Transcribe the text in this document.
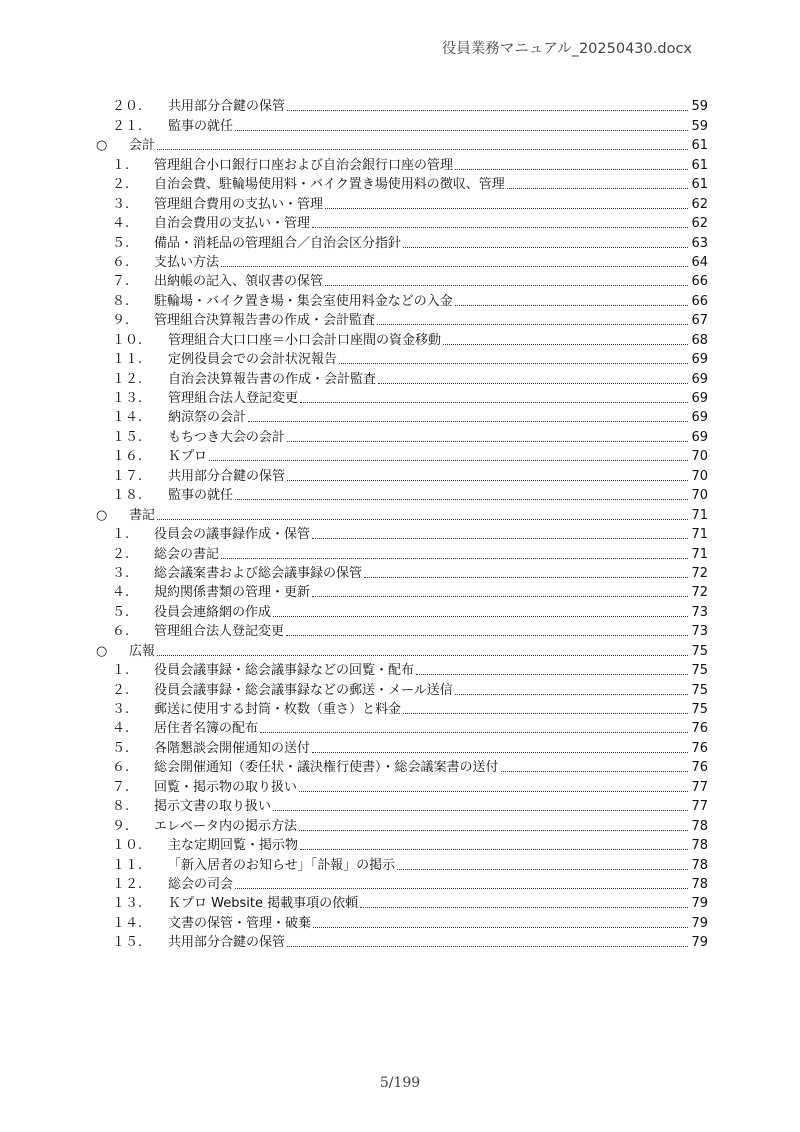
役員業務マニュアル_20250430.docx
２０.	共用部分合鍵の保管	59
２１.	監事の就任	59
○	会計	61
１.	管理組合小口銀行口座および自治会銀行口座の管理	61
２.	自治会費、駐輪場使用料・バイク置き場使用料の徴収、管理	61
３.	管理組合費用の支払い・管理	62
４.	自治会費用の支払い・管理	62
５.	備品・消耗品の管理組合／自治会区分指針	63
６.	支払い方法	64
７.	出納帳の記入、領収書の保管	66
８.	駐輪場・バイク置き場・集会室使用料金などの入金	66
９.	管理組合決算報告書の作成・会計監査	67
１０.	管理組合大口口座＝小口会計口座間の資金移動	68
１１.	定例役員会での会計状況報告	69
１２.	自治会決算報告書の作成・会計監査	69
１３.	管理組合法人登記変更	69
１４.	納涼祭の会計	69
１５.	もちつき大会の会計	69
１６.	Ｋプロ	70
１７.	共用部分合鍵の保管	70
１８.	監事の就任	70
○	書記	71
１.	役員会の議事録作成・保管	71
２.	総会の書記	71
３.	総会議案書および総会議事録の保管	72
４.	規約関係書類の管理・更新	72
５.	役員会連絡網の作成	73
６.	管理組合法人登記変更	73
○	広報	75
１.	役員会議事録・総会議事録などの回覧・配布	75
２.	役員会議事録・総会議事録などの郵送・メール送信	75
３.	郵送に使用する封筒・枚数（重さ）と料金	75
４.	居住者名簿の配布	76
５.	各階懇談会開催通知の送付	76
６.	総会開催通知（委任状・議決権行使書）・総会議案書の送付	76
７.	回覧・掲示物の取り扱い	77
８.	掲示文書の取り扱い	77
９.	エレベータ内の掲示方法	78
１０.	主な定期回覧・掲示物	78
１１.	「新入居者のお知らせ」「訃報」の掲示	78
１２.	総会の司会	78
１３.	Ｋプロ Website 掲載事項の依頼	79
１４.	文書の保管・管理・破棄	79
１５.	共用部分合鍵の保管	79
5/199
